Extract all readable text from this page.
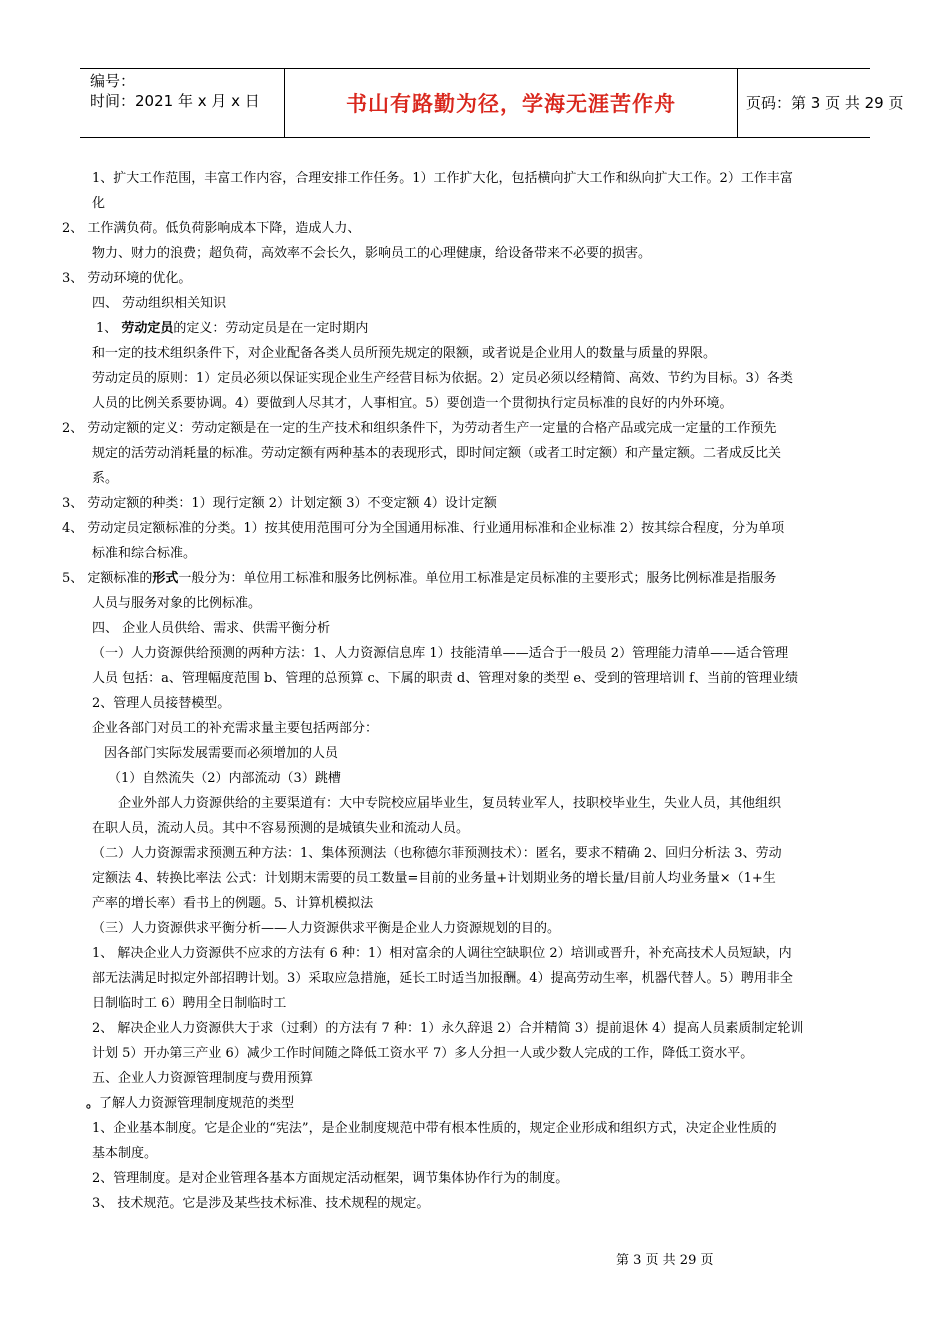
编号：
时间：2021 年 x 月 x 日	书山有路勤为径，学海无涯苦作舟	页码：第 3 页 共 29 页
1、扩大工作范围，丰富工作内容，合理安排工作任务。1）工作扩大化，包括横向扩大工作和纵向扩大工作。2）工作丰富
化
2、 工作满负荷。低负荷影响成本下降，造成人力、
物力、财力的浪费；超负荷，高效率不会长久，影响员工的心理健康，给设备带来不必要的损害。
3、 劳动环境的优化。
四、 劳动组织相关知识
1、 劳动定员的定义：劳动定员是在一定时期内
和一定的技术组织条件下，对企业配备各类人员所预先规定的限额，或者说是企业用人的数量与质量的界限。
劳动定员的原则：1）定员必须以保证实现企业生产经营目标为依据。2）定员必须以经精简、高效、节约为目标。3）各类
人员的比例关系要协调。4）要做到人尽其才，人事相宜。5）要创造一个贯彻执行定员标准的良好的内外环境。
2、 劳动定额的定义：劳动定额是在一定的生产技术和组织条件下，为劳动者生产一定量的合格产品或完成一定量的工作预先
规定的活劳动消耗量的标准。劳动定额有两种基本的表现形式，即时间定额（或者工时定额）和产量定额。二者成反比关
系。
3、 劳动定额的种类：1）现行定额 2）计划定额 3）不变定额 4）设计定额
4、 劳动定员定额标准的分类。1）按其使用范围可分为全国通用标准、行业通用标准和企业标准 2）按其综合程度，分为单项
标准和综合标准。
5、 定额标准的形式一般分为：单位用工标准和服务比例标准。单位用工标准是定员标准的主要形式；服务比例标准是指服务
人员与服务对象的比例标准。
四、 企业人员供给、需求、供需平衡分析
（一）人力资源供给预测的两种方法：1、人力资源信息库 1）技能清单——适合于一般员 2）管理能力清单——适合管理
人员 包括：a、管理幅度范围 b、管理的总预算 c、下属的职责 d、管理对象的类型 e、受到的管理培训 f、当前的管理业绩
2、管理人员接替模型。
企业各部门对员工的补充需求量主要包括两部分：
因各部门实际发展需要而必须增加的人员
（1）自然流失（2）内部流动（3）跳槽
企业外部人力资源供给的主要渠道有：大中专院校应届毕业生，复员转业军人，技职校毕业生，失业人员，其他组织
在职人员，流动人员。其中不容易预测的是城镇失业和流动人员。
（二）人力资源需求预测五种方法：1、集体预测法（也称德尔菲预测技术）：匿名，要求不精确 2、回归分析法 3、劳动
定额法 4、转换比率法 公式：计划期末需要的员工数量=目前的业务量+计划期业务的增长量/目前人均业务量×（1+生
产率的增长率）看书上的例题。5、计算机模拟法
（三）人力资源供求平衡分析——人力资源供求平衡是企业人力资源规划的目的。
1、 解决企业人力资源供不应求的方法有 6 种：1）相对富余的人调往空缺职位 2）培训或晋升，补充高技术人员短缺，内
部无法满足时拟定外部招聘计划。3）采取应急措施，延长工时适当加报酬。4）提高劳动生率，机器代替人。5）聘用非全
日制临时工 6）聘用全日制临时工
2、 解决企业人力资源供大于求（过剩）的方法有 7 种：1）永久辞退 2）合并精简 3）提前退休 4）提高人员素质制定轮训
计划 5）开办第三产业 6）减少工作时间随之降低工资水平 7）多人分担一人或少数人完成的工作，降低工资水平。
五、企业人力资源管理制度与费用预算
。了解人力资源管理制度规范的类型
1、企业基本制度。它是企业的“宪法”，是企业制度规范中带有根本性质的，规定企业形成和组织方式，决定企业性质的
基本制度。
2、管理制度。是对企业管理各基本方面规定活动框架，调节集体协作行为的制度。
3、 技术规范。它是涉及某些技术标准、技术规程的规定。
第 3 页 共 29 页
